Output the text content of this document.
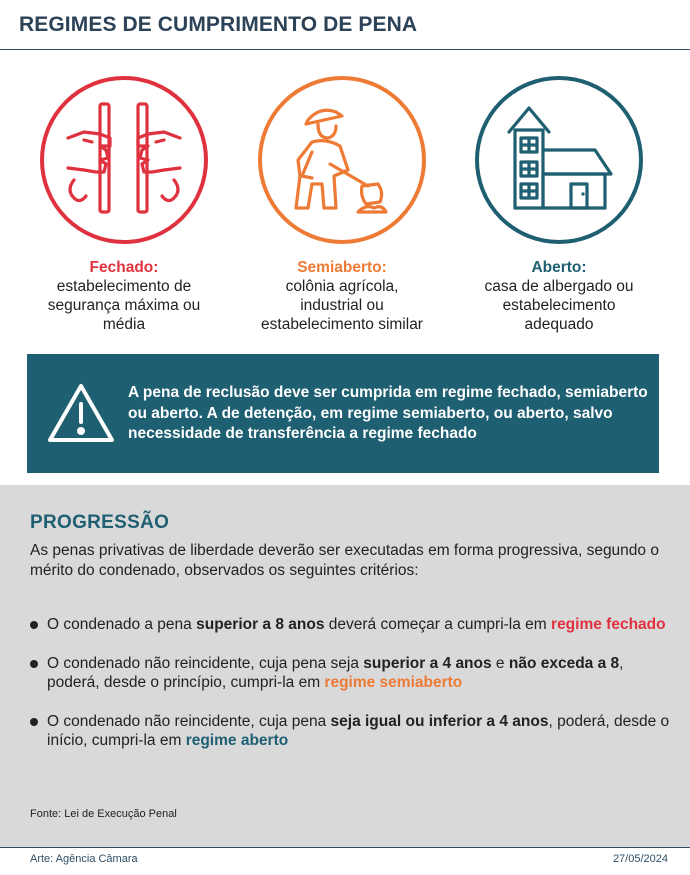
REGIMES DE CUMPRIMENTO DE PENA
Fechado:
estabelecimento de
segurança máxima ou
média
Semiaberto:
colônia agrícola,
industrial ou
estabelecimento similar
Aberto:
casa de albergado ou
estabelecimento
adequado

A pena de reclusão deve ser cumprida em regime fechado, semiaberto ou aberto. A de detenção, em regime semiaberto, ou aberto, salvo necessidade de transferência a regime fechado

PROGRESSÃO

As penas privativas de liberdade deverão ser executadas em forma progressiva, segundo o mérito do condenado, observados os seguintes critérios:

O condenado a pena superior a 8 anos deverá começar a cumpri-la em regime fechado
O condenado não reincidente, cuja pena seja superior a 4 anos e não exceda a 8, poderá, desde o princípio, cumpri-la em regime semiaberto
O condenado não reincidente, cuja pena seja igual ou inferior a 4 anos, poderá, desde o início, cumpri-la em regime aberto

Fonte: Lei de Execução Penal

Arte: Agência Câmara	27/05/2024
